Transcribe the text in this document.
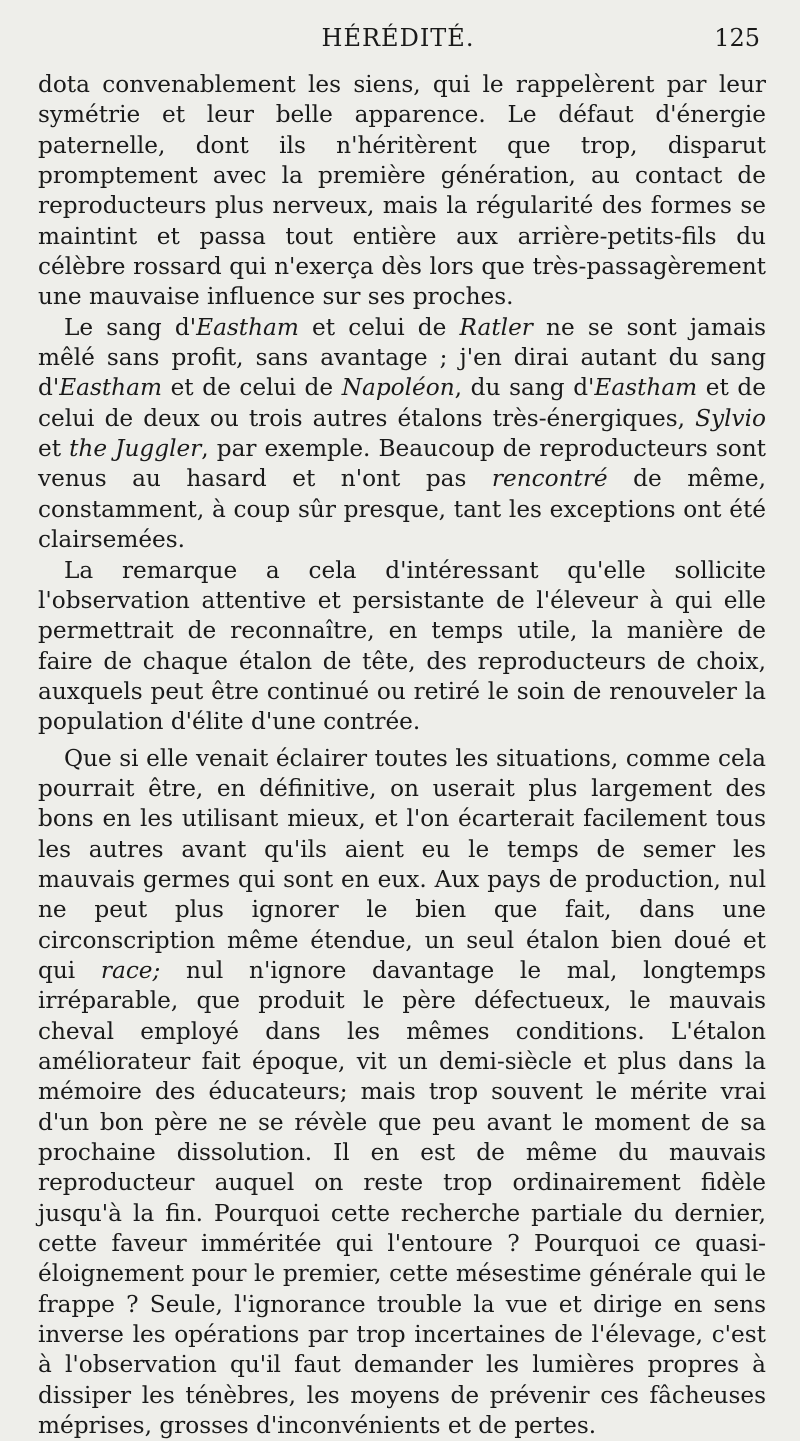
HÉRÉDITÉ.	125

dota convenablement les siens, qui le rappelèrent par leur symétrie et leur belle apparence. Le défaut d'énergie paternelle, dont ils n'héritèrent que trop, disparut promptement avec la première génération, au contact de reproducteurs plus nerveux, mais la régularité des formes se maintint et passa tout entière aux arrière-petits-fils du célèbre rossard qui n'exerça dès lors que très-passagèrement une mauvaise influence sur ses proches.

Le sang d'Eastham et celui de Ratler ne se sont jamais mêlé sans profit, sans avantage ; j'en dirai autant du sang d'Eastham et de celui de Napoléon, du sang d'Eastham et de celui de deux ou trois autres étalons très-énergiques, Sylvio et the Juggler, par exemple. Beaucoup de reproducteurs sont venus au hasard et n'ont pas rencontré de même, constamment, à coup sûr presque, tant les exceptions ont été clairsemées.

La remarque a cela d'intéressant qu'elle sollicite l'observation attentive et persistante de l'éleveur à qui elle permettrait de reconnaître, en temps utile, la manière de faire de chaque étalon de tête, des reproducteurs de choix, auxquels peut être continué ou retiré le soin de renouveler la population d'élite d'une contrée.

Que si elle venait éclairer toutes les situations, comme cela pourrait être, en définitive, on userait plus largement des bons en les utilisant mieux, et l'on écarterait facilement tous les autres avant qu'ils aient eu le temps de semer les mauvais germes qui sont en eux. Aux pays de production, nul ne peut plus ignorer le bien que fait, dans une circonscription même étendue, un seul étalon bien doué et qui race; nul n'ignore davantage le mal, longtemps irréparable, que produit le père défectueux, le mauvais cheval employé dans les mêmes conditions. L'étalon améliorateur fait époque, vit un demi-siècle et plus dans la mémoire des éducateurs; mais trop souvent le mérite vrai d'un bon père ne se révèle que peu avant le moment de sa prochaine dissolution. Il en est de même du mauvais reproducteur auquel on reste trop ordinairement fidèle jusqu'à la fin. Pourquoi cette recherche partiale du dernier, cette faveur imméritée qui l'entoure ? Pourquoi ce quasi-éloignement pour le premier, cette mésestime générale qui le frappe ? Seule, l'ignorance trouble la vue et dirige en sens inverse les opérations par trop incertaines de l'élevage, c'est à l'observation qu'il faut demander les lumières propres à dissiper les ténèbres, les moyens de prévenir ces fâcheuses méprises, grosses d'inconvénients et de pertes.
